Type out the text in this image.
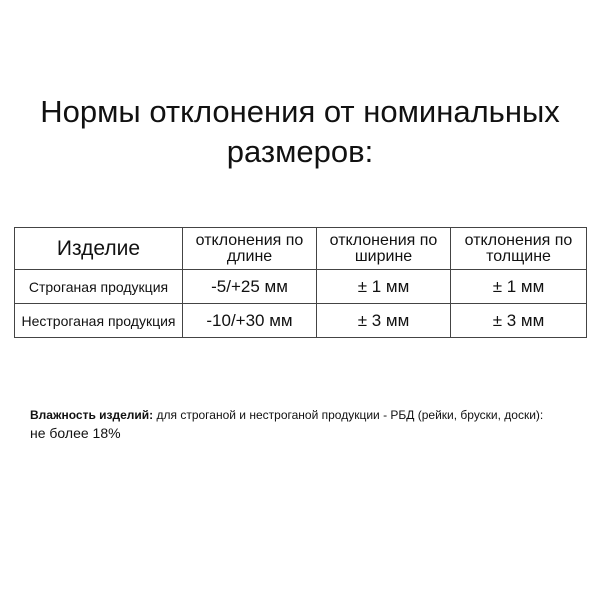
Нормы отклонения от номинальных
размеров:
Изделие	отклонения по длине	отклонения по ширине	отклонения по толщине
Строганая продукция	-5/+25 мм	± 1 мм	± 1 мм
Нестроганая продукция	-10/+30 мм	± 3 мм	± 3 мм
Влажность изделий: для строганой и нестроганой продукции - РБД (рейки, бруски, доски):
не более 18%
